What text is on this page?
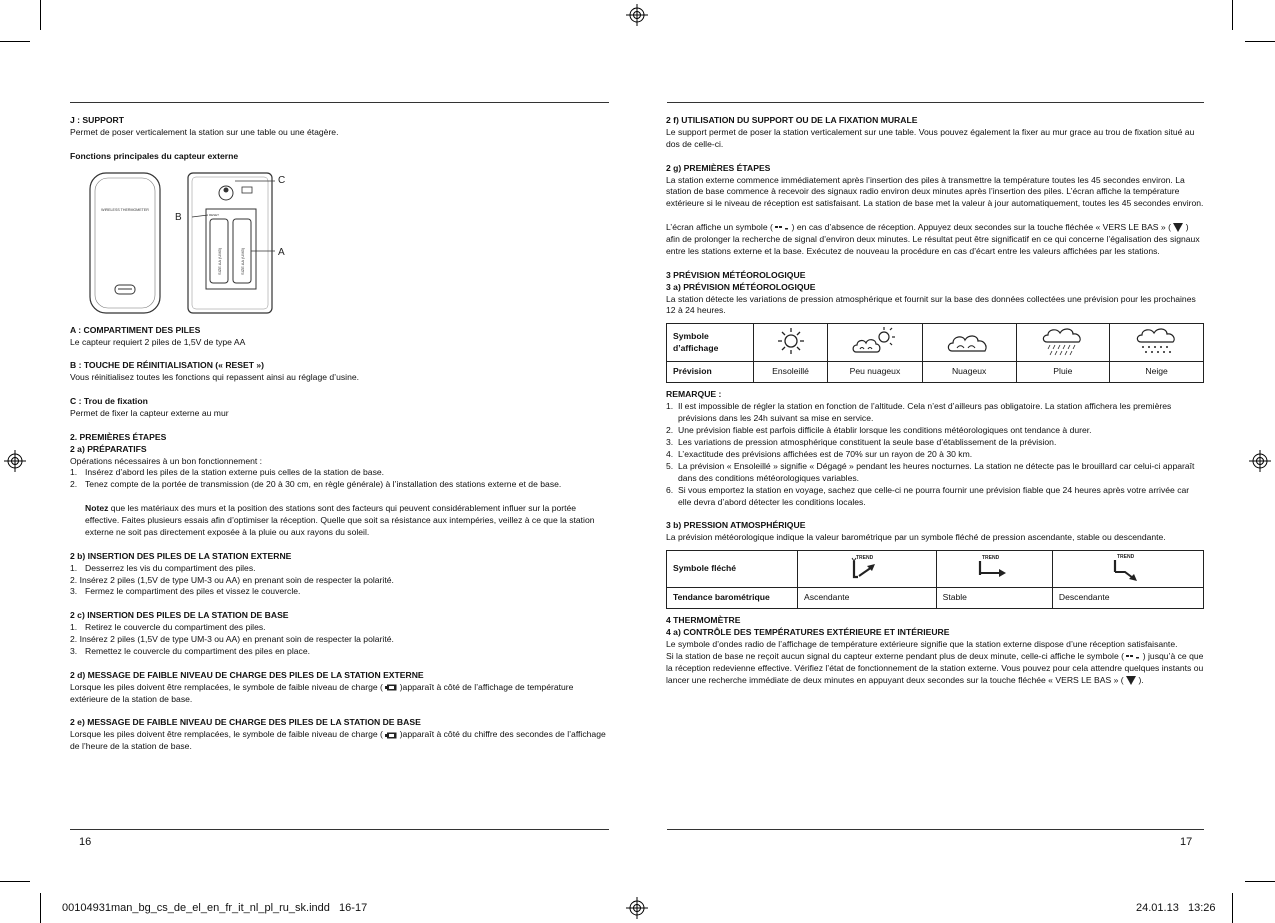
J : SUPPORT

Permet de poser verticalement la station sur une table ou une étagère.

Fonctions principales du capteur externe

WIRELESS THERMOMETER
SIZE AA (UM3)	SIZE AA (UM3)
RESET
C
B
A

A : COMPARTIMENT DES PILES

Le capteur requiert 2 piles de 1,5V de type AA

B : TOUCHE DE RÉINITIALISATION (« RESET »)

Vous réinitialisez toutes les fonctions qui repassent ainsi au réglage d’usine.

C : Trou de fixation

Permet de fixer la capteur externe au mur

2. PREMIÈRES ÉTAPES

2 a) PRÉPARATIFS

Opérations nécessaires à un bon fonctionnement :

1. Insérez d’abord les piles de la station externe puis celles de la station de base.

2. Tenez compte de la portée de transmission (de 20 à 30 cm, en règle générale) à l’installation des stations externe et de base.

Notez que les matériaux des murs et la position des stations sont des facteurs qui peuvent considérablement influer sur la portée effective. Faites plusieurs essais afin d’optimiser la réception. Quelle que soit sa résistance aux intempéries, veillez à ce que la station externe ne soit pas directement exposée à la pluie ou aux rayons du soleil.

2 b) INSERTION DES PILES DE LA STATION EXTERNE

1. Desserrez les vis du compartiment des piles.

2. Insérez 2 piles (1,5V de type UM-3 ou AA) en prenant soin de respecter la polarité.

3. Fermez le compartiment des piles et vissez le couvercle.

2 c) INSERTION DES PILES DE LA STATION DE BASE

1. Retirez le couvercle du compartiment des piles.

2. Insérez 2 piles (1,5V de type UM-3 ou AA) en prenant soin de respecter la polarité.

3. Remettez le couvercle du compartiment des piles en place.

2 d) MESSAGE DE FAIBLE NIVEAU DE CHARGE DES PILES DE LA STATION EXTERNE

Lorsque les piles doivent être remplacées, le symbole de faible niveau de charge ( )apparaît à côté de l’affichage de température extérieure de la station de base.

2 e) MESSAGE DE FAIBLE NIVEAU DE CHARGE DES PILES DE LA STATION DE BASE

Lorsque les piles doivent être remplacées, le symbole de faible niveau de charge ( )apparaît à côté du chiffre des secondes de l’affichage de l’heure de la station de base.

16

2 f) UTILISATION DU SUPPORT OU DE LA FIXATION MURALE

Le support permet de poser la station verticalement sur une table. Vous pouvez également la fixer au mur grace au trou de fixation situé au dos de celle-ci.

2 g) PREMIÈRES ÉTAPES

La station externe commence immédiatement après l’insertion des piles à transmettre la température toutes les 45 secondes environ. La station de base commence à recevoir des signaux radio environ deux minutes après l’insertion des piles. L’écran affiche la température extérieure si le niveau de réception est satisfaisant. La station de base met la valeur à jour automatiquement, toutes les 45 secondes environ.

L’écran affiche un symbole ( ) en cas d’absence de réception. Appuyez deux secondes sur la touche fléchée « VERS LE BAS » ( ) afin de prolonger la recherche de signal d’environ deux minutes. Le résultat peut être significatif en ce qui concerne l’égalisation des signaux entre les stations externe et la base. Exécutez de nouveau la procédure en cas d’écart entre les valeurs affichées par les stations.

3 PRÉVISION MÉTÉOROLOGIQUE

3 a) PRÉVISION MÉTÉOROLOGIQUE

La station détecte les variations de pression atmosphérique et fournit sur la base des données collectées une prévision pour les prochaines 12 à 24 heures.

Symbole d’affichage					
Prévision	Ensoleillé	Peu nuageux	Nuageux	Pluie	Neige

REMARQUE :

1. Il est impossible de régler la station en fonction de l’altitude. Cela n’est d’ailleurs pas obligatoire. La station affichera les premières prévisions dans les 24h suivant sa mise en service.

2. Une prévision fiable est parfois difficile à établir lorsque les conditions météorologiques ont tendance à durer.

3. Les variations de pression atmosphérique constituent la seule base d’établissement de la prévision.

4. L’exactitude des prévisions affichées est de 70% sur un rayon de 20 à 30 km.

5. La prévision « Ensoleillé » signifie « Dégagé » pendant les heures nocturnes. La station ne détecte pas le brouillard car celui-ci apparaît dans des conditions météorologiques variables.

6. Si vous emportez la station en voyage, sachez que celle-ci ne pourra fournir une prévision fiable que 24 heures après votre arrivée car elle devra d’abord détecter les conditions locales.

3 b) PRESSION ATMOSPHÉRIQUE

La prévision météorologique indique la valeur barométrique par un symbole fléché de pression ascendante, stable ou descendante.

Symbole fléché	TREND	TREND	TREND

Tendance barométrique	Ascendante	Stable	Descendante

4 THERMOMÈTRE

4 a) CONTRÔLE DES TEMPÉRATURES EXTÉRIEURE ET INTÉRIEURE

Le symbole d’ondes radio de l’affichage de température extérieure signifie que la station externe dispose d’une réception satisfaisante.

Si la station de base ne reçoit aucun signal du capteur externe pendant plus de deux minute, celle-ci affiche le symbole ( ) jusqu’à ce que la réception redevienne effective. Vérifiez l’état de fonctionnement de la station externe. Vous pouvez pour cela attendre quelques instants ou lancer une recherche immédiate de deux minutes en appuyant deux secondes sur la touche fléchée « VERS LE BAS » ( ).

17
00104931man_bg_cs_de_el_en_fr_it_nl_pl_ru_sk.indd   16-17	24.01.13   13:26
